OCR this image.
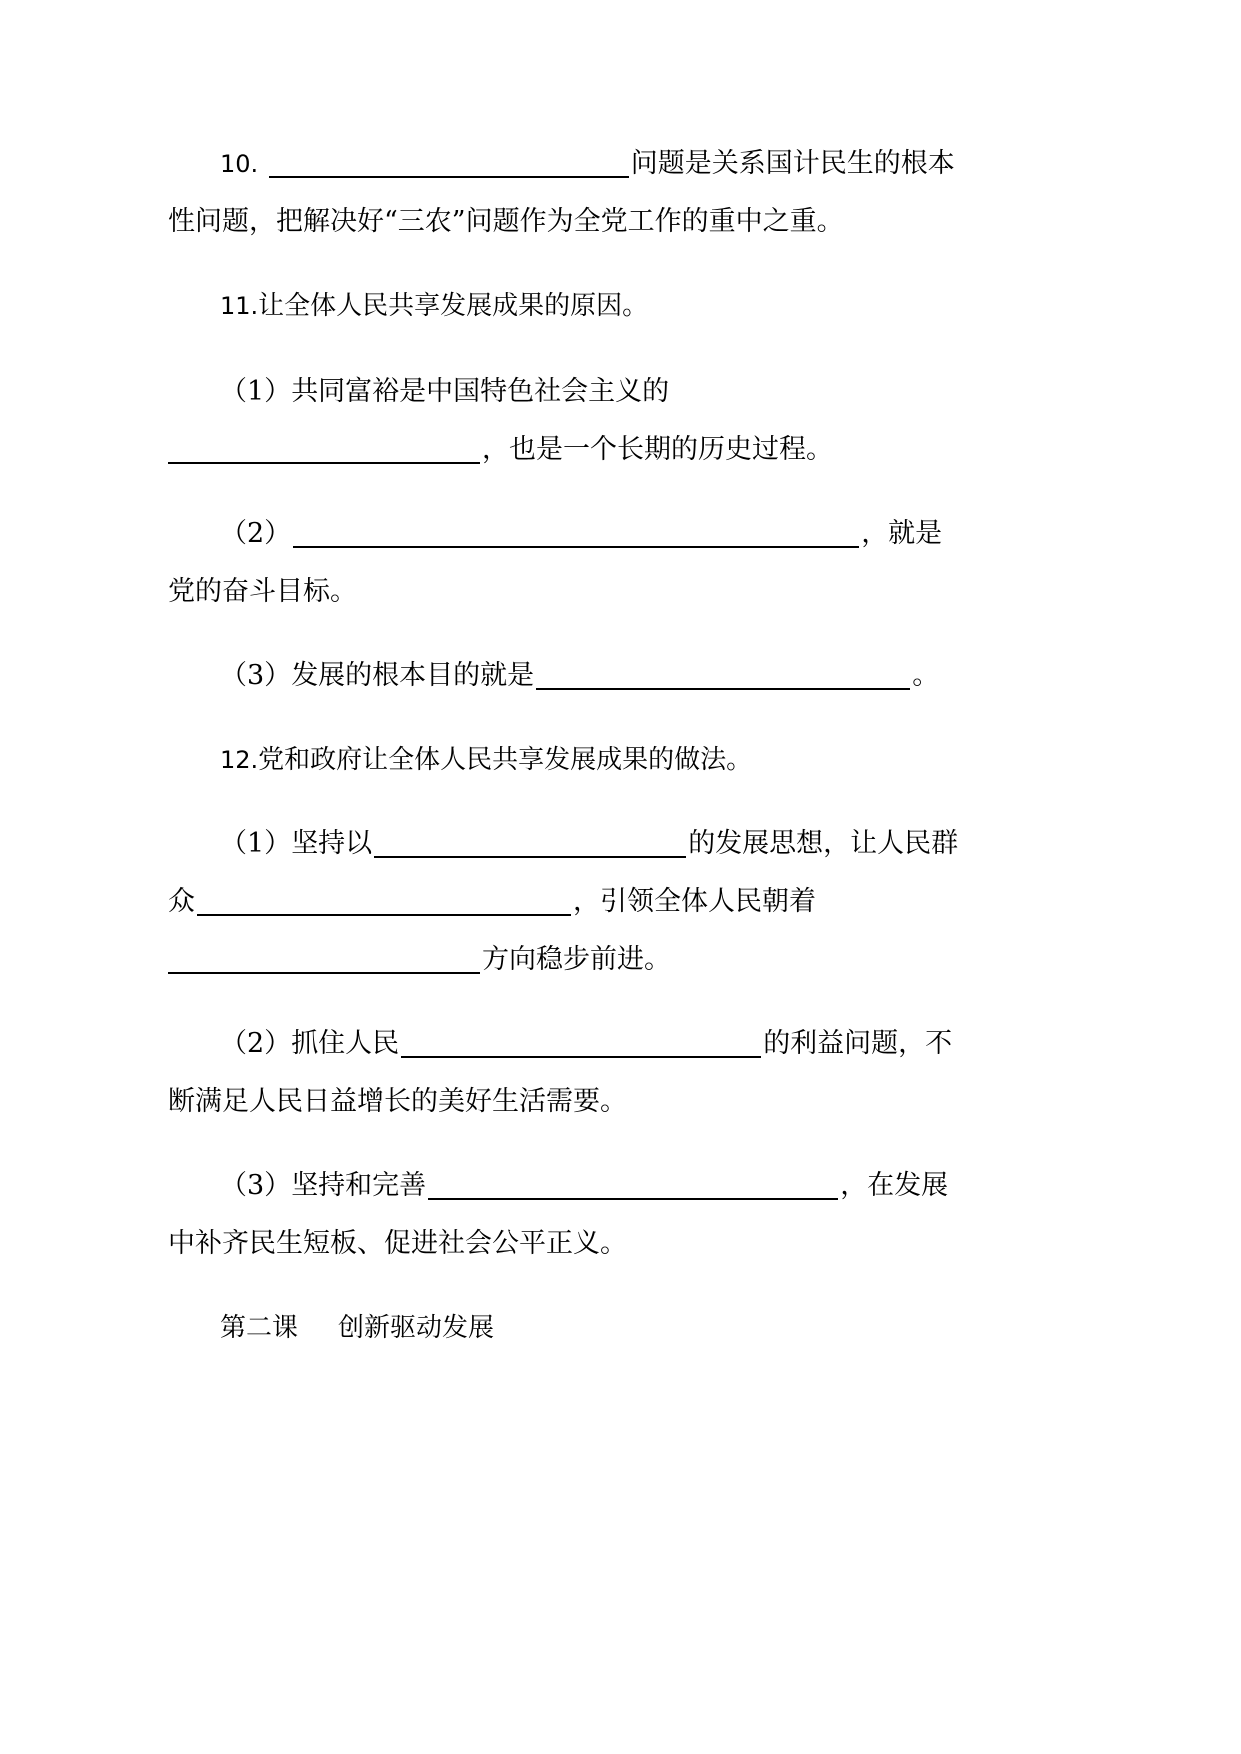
10.	问题是关系国计民生的根本
性问题，把解决好“三农”问题作为全党工作的重中之重。
11.让全体人民共享发展成果的原因。
（1）共同富裕是中国特色社会主义的
，也是一个长期的历史过程。
（2）	，就是
党的奋斗目标。
（3）发展的根本目的就是	。
12.党和政府让全体人民共享发展成果的做法。
（1）坚持以	的发展思想，让人民群
众	，引领全体人民朝着
方向稳步前进。
（2）抓住人民	的利益问题，不
断满足人民日益增长的美好生活需要。
（3）坚持和完善	，在发展
中补齐民生短板、促进社会公平正义。
第二课 创新驱动发展
